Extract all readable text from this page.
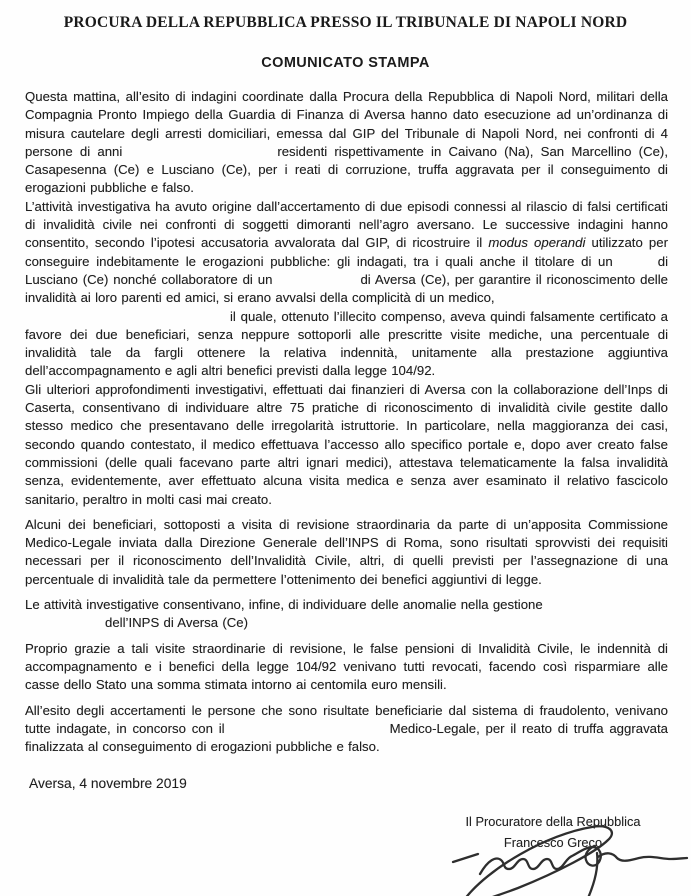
PROCURA DELLA REPUBBLICA PRESSO IL TRIBUNALE DI NAPOLI NORD
COMUNICATO STAMPA

Questa mattina, all’esito di indagini coordinate dalla Procura della Repubblica di Napoli Nord, militari della Compagnia Pronto Impiego della Guardia di Finanza di Aversa hanno dato esecuzione ad un’ordinanza di misura cautelare degli arresti domiciliari, emessa dal GIP del Tribunale di Napoli Nord, nei confronti di 4 persone di anni	residenti rispettivamente in Caivano (Na), San Marcellino (Ce), Casapesenna (Ce) e Lusciano (Ce), per i reati di corruzione, truffa aggravata per il conseguimento di erogazioni pubbliche e falso.

L’attività investigativa ha avuto origine dall’accertamento di due episodi connessi al rilascio di falsi certificati di invalidità civile nei confronti di soggetti dimoranti nell’agro aversano. Le successive indagini hanno consentito, secondo l’ipotesi accusatoria avvalorata dal GIP, di ricostruire il modus operandi utilizzato per conseguire indebitamente le erogazioni pubbliche: gli indagati, tra i quali anche il titolare di un	di Lusciano (Ce) nonché collaboratore di un	di Aversa (Ce), per garantire il riconoscimento delle invalidità ai loro parenti ed amici, si erano avvalsi della complicità di un medico,
il quale, ottenuto l’illecito compenso, aveva quindi falsamente certificato a favore dei due beneficiari, senza neppure sottoporli alle prescritte visite mediche, una percentuale di invalidità tale da fargli ottenere la relativa indennità, unitamente alla prestazione aggiuntiva dell’accompagnamento e agli altri benefici previsti dalla legge 104/92.

Gli ulteriori approfondimenti investigativi, effettuati dai finanzieri di Aversa con la collaborazione dell’Inps di Caserta, consentivano di individuare altre 75 pratiche di riconoscimento di invalidità civile gestite dallo stesso medico che presentavano delle irregolarità istruttorie. In particolare, nella maggioranza dei casi, secondo quando contestato, il medico effettuava l’accesso allo specifico portale e, dopo aver creato false commissioni (delle quali facevano parte altri ignari medici), attestava telematicamente la falsa invalidità senza, evidentemente, aver effettuato alcuna visita medica e senza aver esaminato il relativo fascicolo sanitario, peraltro in molti casi mai creato.

Alcuni dei beneficiari, sottoposti a visita di revisione straordinaria da parte di un’apposita Commissione Medico-Legale inviata dalla Direzione Generale dell’INPS di Roma, sono risultati sprovvisti dei requisiti necessari per il riconoscimento dell’Invalidità Civile, altri, di quelli previsti per l’assegnazione di una percentuale di invalidità tale da permettere l’ottenimento dei benefici aggiuntivi di legge.

Le attività investigative consentivano, infine, di individuare delle anomalie nella gestione
dell’INPS di Aversa (Ce)

Proprio grazie a tali visite straordinarie di revisione, le false pensioni di Invalidità Civile, le indennità di accompagnamento e i benefici della legge 104/92 venivano tutti revocati, facendo così risparmiare alle casse dello Stato una somma stimata intorno ai centomila euro mensili.

All’esito degli accertamenti le persone che sono risultate beneficiarie dal sistema di fraudolento, venivano tutte indagate, in concorso con il	Medico-Legale, per il reato di truffa aggravata finalizzata al conseguimento di erogazioni pubbliche e falso.

Aversa, 4 novembre 2019

Il Procuratore della Repubblica
Francesco Greco
